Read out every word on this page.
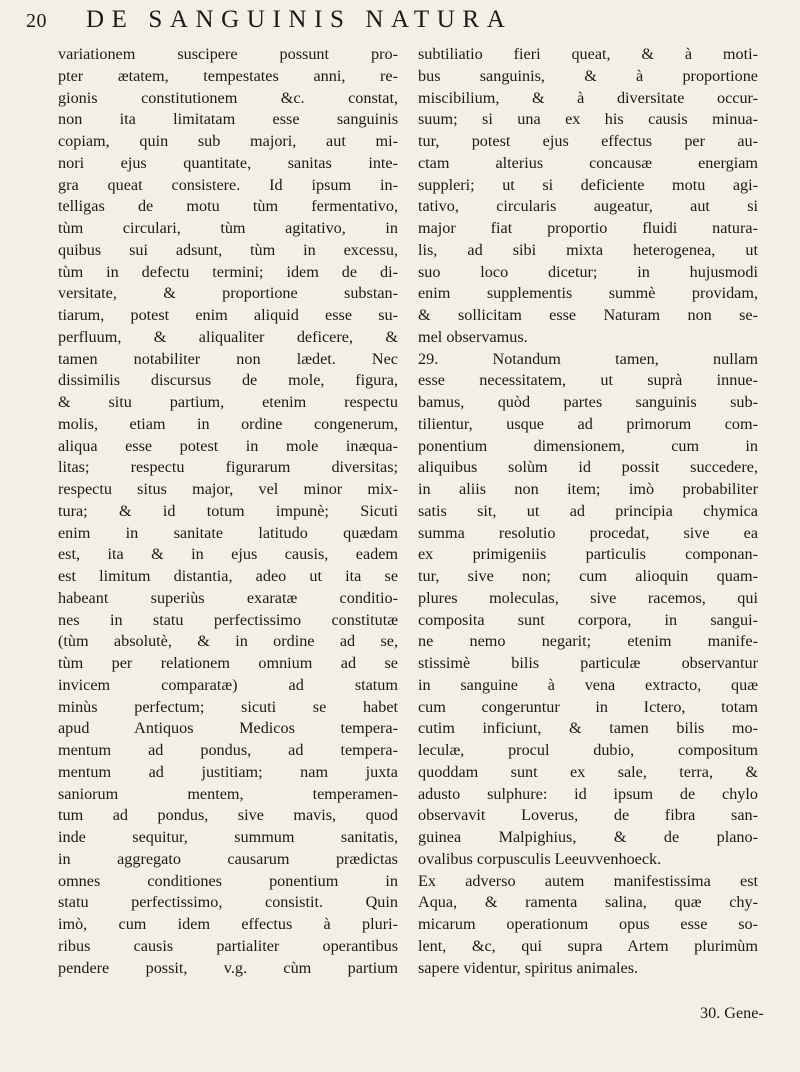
20 DE SANGUINIS NATURA
variationem suscipere possunt pro-
pter ætatem, tempestates anni, re-
gionis constitutionem &c. constat,
non ita limitatam esse sanguinis
copiam, quin sub majori, aut mi-
nori ejus quantitate, sanitas inte-
gra queat consistere. Id ipsum in-
telligas de motu tùm fermentativo,
tùm circulari, tùm agitativo, in
quibus sui adsunt, tùm in excessu,
tùm in defectu termini; idem de di-
versitate, & proportione substan-
tiarum, potest enim aliquid esse su-
perfluum, & aliqualiter deficere, &
tamen notabiliter non lædet. Nec
dissimilis discursus de mole, figura,
& situ partium, etenim respectu
molis, etiam in ordine congenerum,
aliqua esse potest in mole inæqua-
litas; respectu figurarum diversitas;
respectu situs major, vel minor mix-
tura; & id totum impunè; Sicuti
enim in sanitate latitudo quædam
est, ita & in ejus causis, eadem
est limitum distantia, adeo ut ita se
habeant superiùs exaratæ conditio-
nes in statu perfectissimo constitutæ
(tùm absolutè, & in ordine ad se,
tùm per relationem omnium ad se
invicem comparatæ) ad statum
minùs perfectum; sicuti se habet
apud Antiquos Medicos tempera-
mentum ad pondus, ad tempera-
mentum ad justitiam; nam juxta
saniorum mentem, temperamen-
tum ad pondus, sive mavis, quod
inde sequitur, summum sanitatis,
in aggregato causarum prædictas
omnes conditiones ponentium in
statu perfectissimo, consistit. Quin
imò, cum idem effectus à pluri-
ribus causis partialiter operantibus
pendere possit, v.g. cùm partium
subtiliatio fieri queat, & à moti-
bus sanguinis, & à proportione
miscibilium, & à diversitate occur-
suum; si una ex his causis minua-
tur, potest ejus effectus per au-
ctam alterius concausæ energiam
suppleri; ut si deficiente motu agi-
tativo, circularis augeatur, aut si
major fiat proportio fluidi natura-
lis, ad sibi mixta heterogenea, ut
suo loco dicetur; in hujusmodi
enim supplementis summè providam,
& sollicitam esse Naturam non se-
mel observamus.
29. Notandum tamen, nullam
esse necessitatem, ut suprà innue-
bamus, quòd partes sanguinis sub-
tilientur, usque ad primorum com-
ponentium dimensionem, cum in
aliquibus solùm id possit succedere,
in aliis non item; imò probabiliter
satis sit, ut ad principia chymica
summa resolutio procedat, sive ea
ex primigeniis particulis componan-
tur, sive non; cum alioquin quam-
plures moleculas, sive racemos, qui
composita sunt corpora, in sangui-
ne nemo negarit; etenim manife-
stissimè bilis particulæ observantur
in sanguine à vena extracto, quæ
cum congeruntur in Ictero, totam
cutim inficiunt, & tamen bilis mo-
leculæ, procul dubio, compositum
quoddam sunt ex sale, terra, &
adusto sulphure: id ipsum de chylo
observavit Loverus, de fibra san-
guinea Malpighius, & de plano-
ovalibus corpusculis Leeuvvenhoeck.
Ex adverso autem manifestissima est
Aqua, & ramenta salina, quæ chy-
micarum operationum opus esse so-
lent, &c, qui supra Artem plurimùm
sapere videntur, spiritus animales.
30. Gene-
